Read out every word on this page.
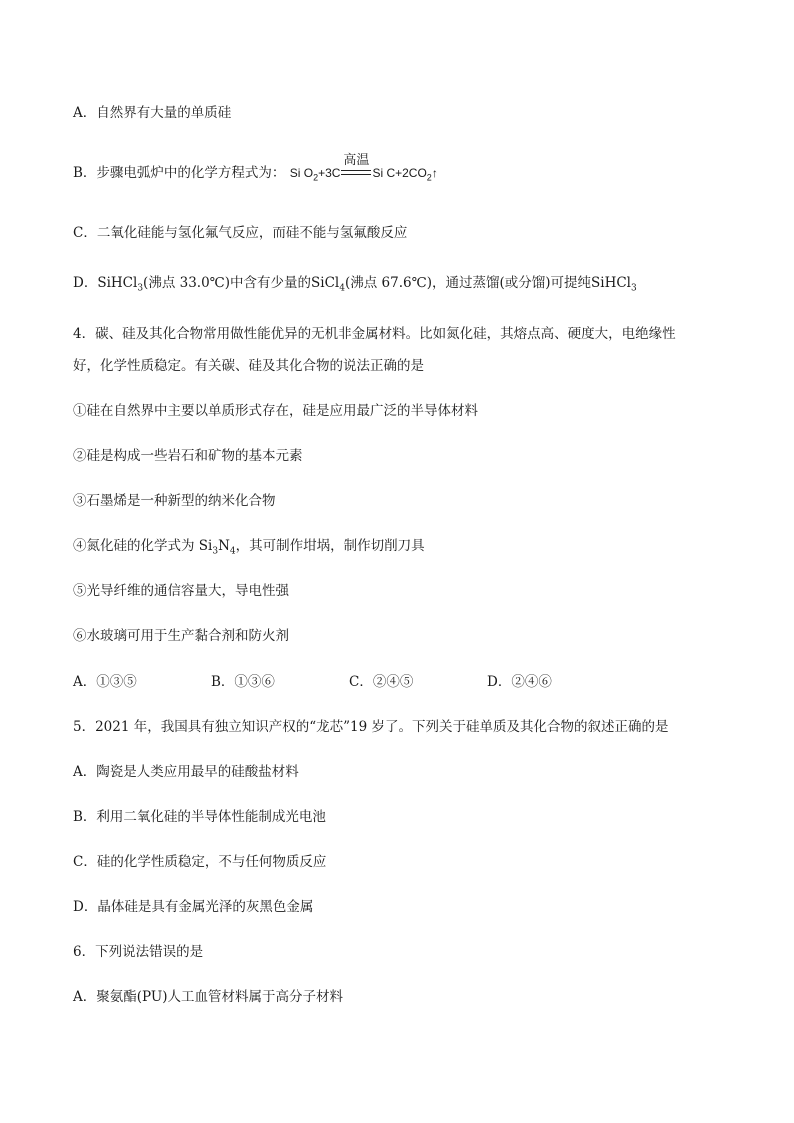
A．自然界有大量的单质硅
B．步骤电弧炉中的化学方程式为： Si $O_2+3C$
高温
Si $C+2CO_2↑$
C．二氧化硅能与氢化氟气反应，而硅不能与氢氟酸反应
D．SiHCl$_3$(沸点 33.0℃)中含有少量的SiCl$_4$(沸点 67.6℃)，通过蒸馏(或分馏)可提纯SiHCl$_3$
4．碳、硅及其化合物常用做性能优异的无机非金属材料。比如氮化硅，其熔点高、硬度大，电绝缘性
好，化学性质稳定。有关碳、硅及其化合物的说法正确的是
①硅在自然界中主要以单质形式存在，硅是应用最广泛的半导体材料
②硅是构成一些岩石和矿物的基本元素
③石墨烯是一种新型的纳米化合物
④氮化硅的化学式为 $Si_3N_4$，其可制作坩埚，制作切削刀具
⑤光导纤维的通信容量大，导电性强
⑥水玻璃可用于生产黏合剂和防火剂
A．①③⑤	B．①③⑥	C．②④⑤	D．②④⑥
5．2021 年，我国具有独立知识产权的“龙芯”19 岁了。下列关于硅单质及其化合物的叙述正确的是
A．陶瓷是人类应用最早的硅酸盐材料
B．利用二氧化硅的半导体性能制成光电池
C．硅的化学性质稳定，不与任何物质反应
D．晶体硅是具有金属光泽的灰黑色金属
6．下列说法错误的是
A．聚氨酯(PU)人工血管材料属于高分子材料
